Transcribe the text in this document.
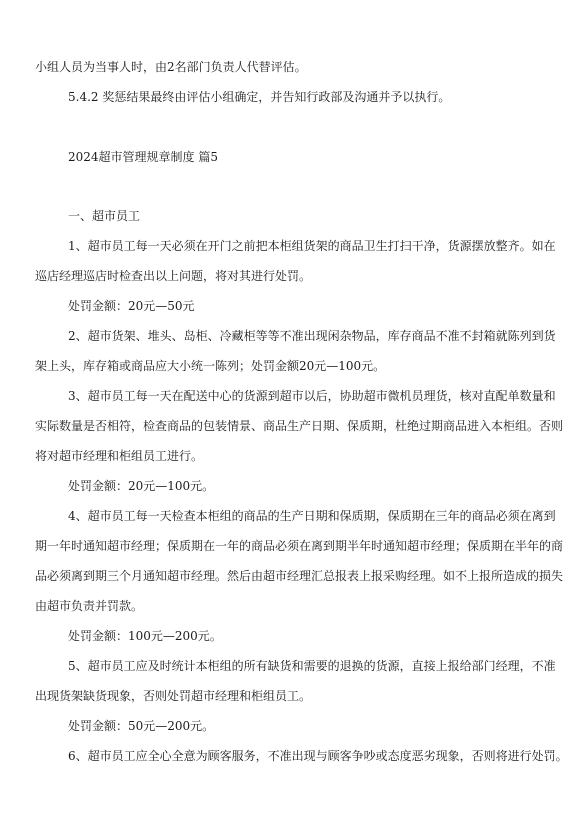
小组人员为当事人时，由2名部门负责人代替评估。
5.4.2 奖惩结果最终由评估小组确定，并告知行政部及沟通并予以执行。
2024超市管理规章制度 篇5
一、超市员工
1、超市员工每一天必须在开门之前把本柜组货架的商品卫生打扫干净，货源摆放整齐。如在
巡店经理巡店时检查出以上问题，将对其进行处罚。
处罚金额：20元—50元
2、超市货架、堆头、岛柜、冷藏柜等等不准出现闲杂物品，库存商品不准不封箱就陈列到货
架上头，库存箱或商品应大小统一陈列；处罚金额20元—100元。
3、超市员工每一天在配送中心的货源到超市以后，协助超市微机员理货，核对直配单数量和
实际数量是否相符，检查商品的包装情景、商品生产日期、保质期，杜绝过期商品进入本柜组。否则
将对超市经理和柜组员工进行。
处罚金额：20元—100元。
4、超市员工每一天检查本柜组的商品的生产日期和保质期，保质期在三年的商品必须在离到
期一年时通知超市经理；保质期在一年的商品必须在离到期半年时通知超市经理；保质期在半年的商
品必须离到期三个月通知超市经理。然后由超市经理汇总报表上报采购经理。如不上报所造成的损失
由超市负责并罚款。
处罚金额：100元—200元。
5、超市员工应及时统计本柜组的所有缺货和需要的退换的货源，直接上报给部门经理，不准
出现货架缺货现象，否则处罚超市经理和柜组员工。
处罚金额：50元—200元。
6、超市员工应全心全意为顾客服务，不准出现与顾客争吵或态度恶劣现象，否则将进行处罚。
